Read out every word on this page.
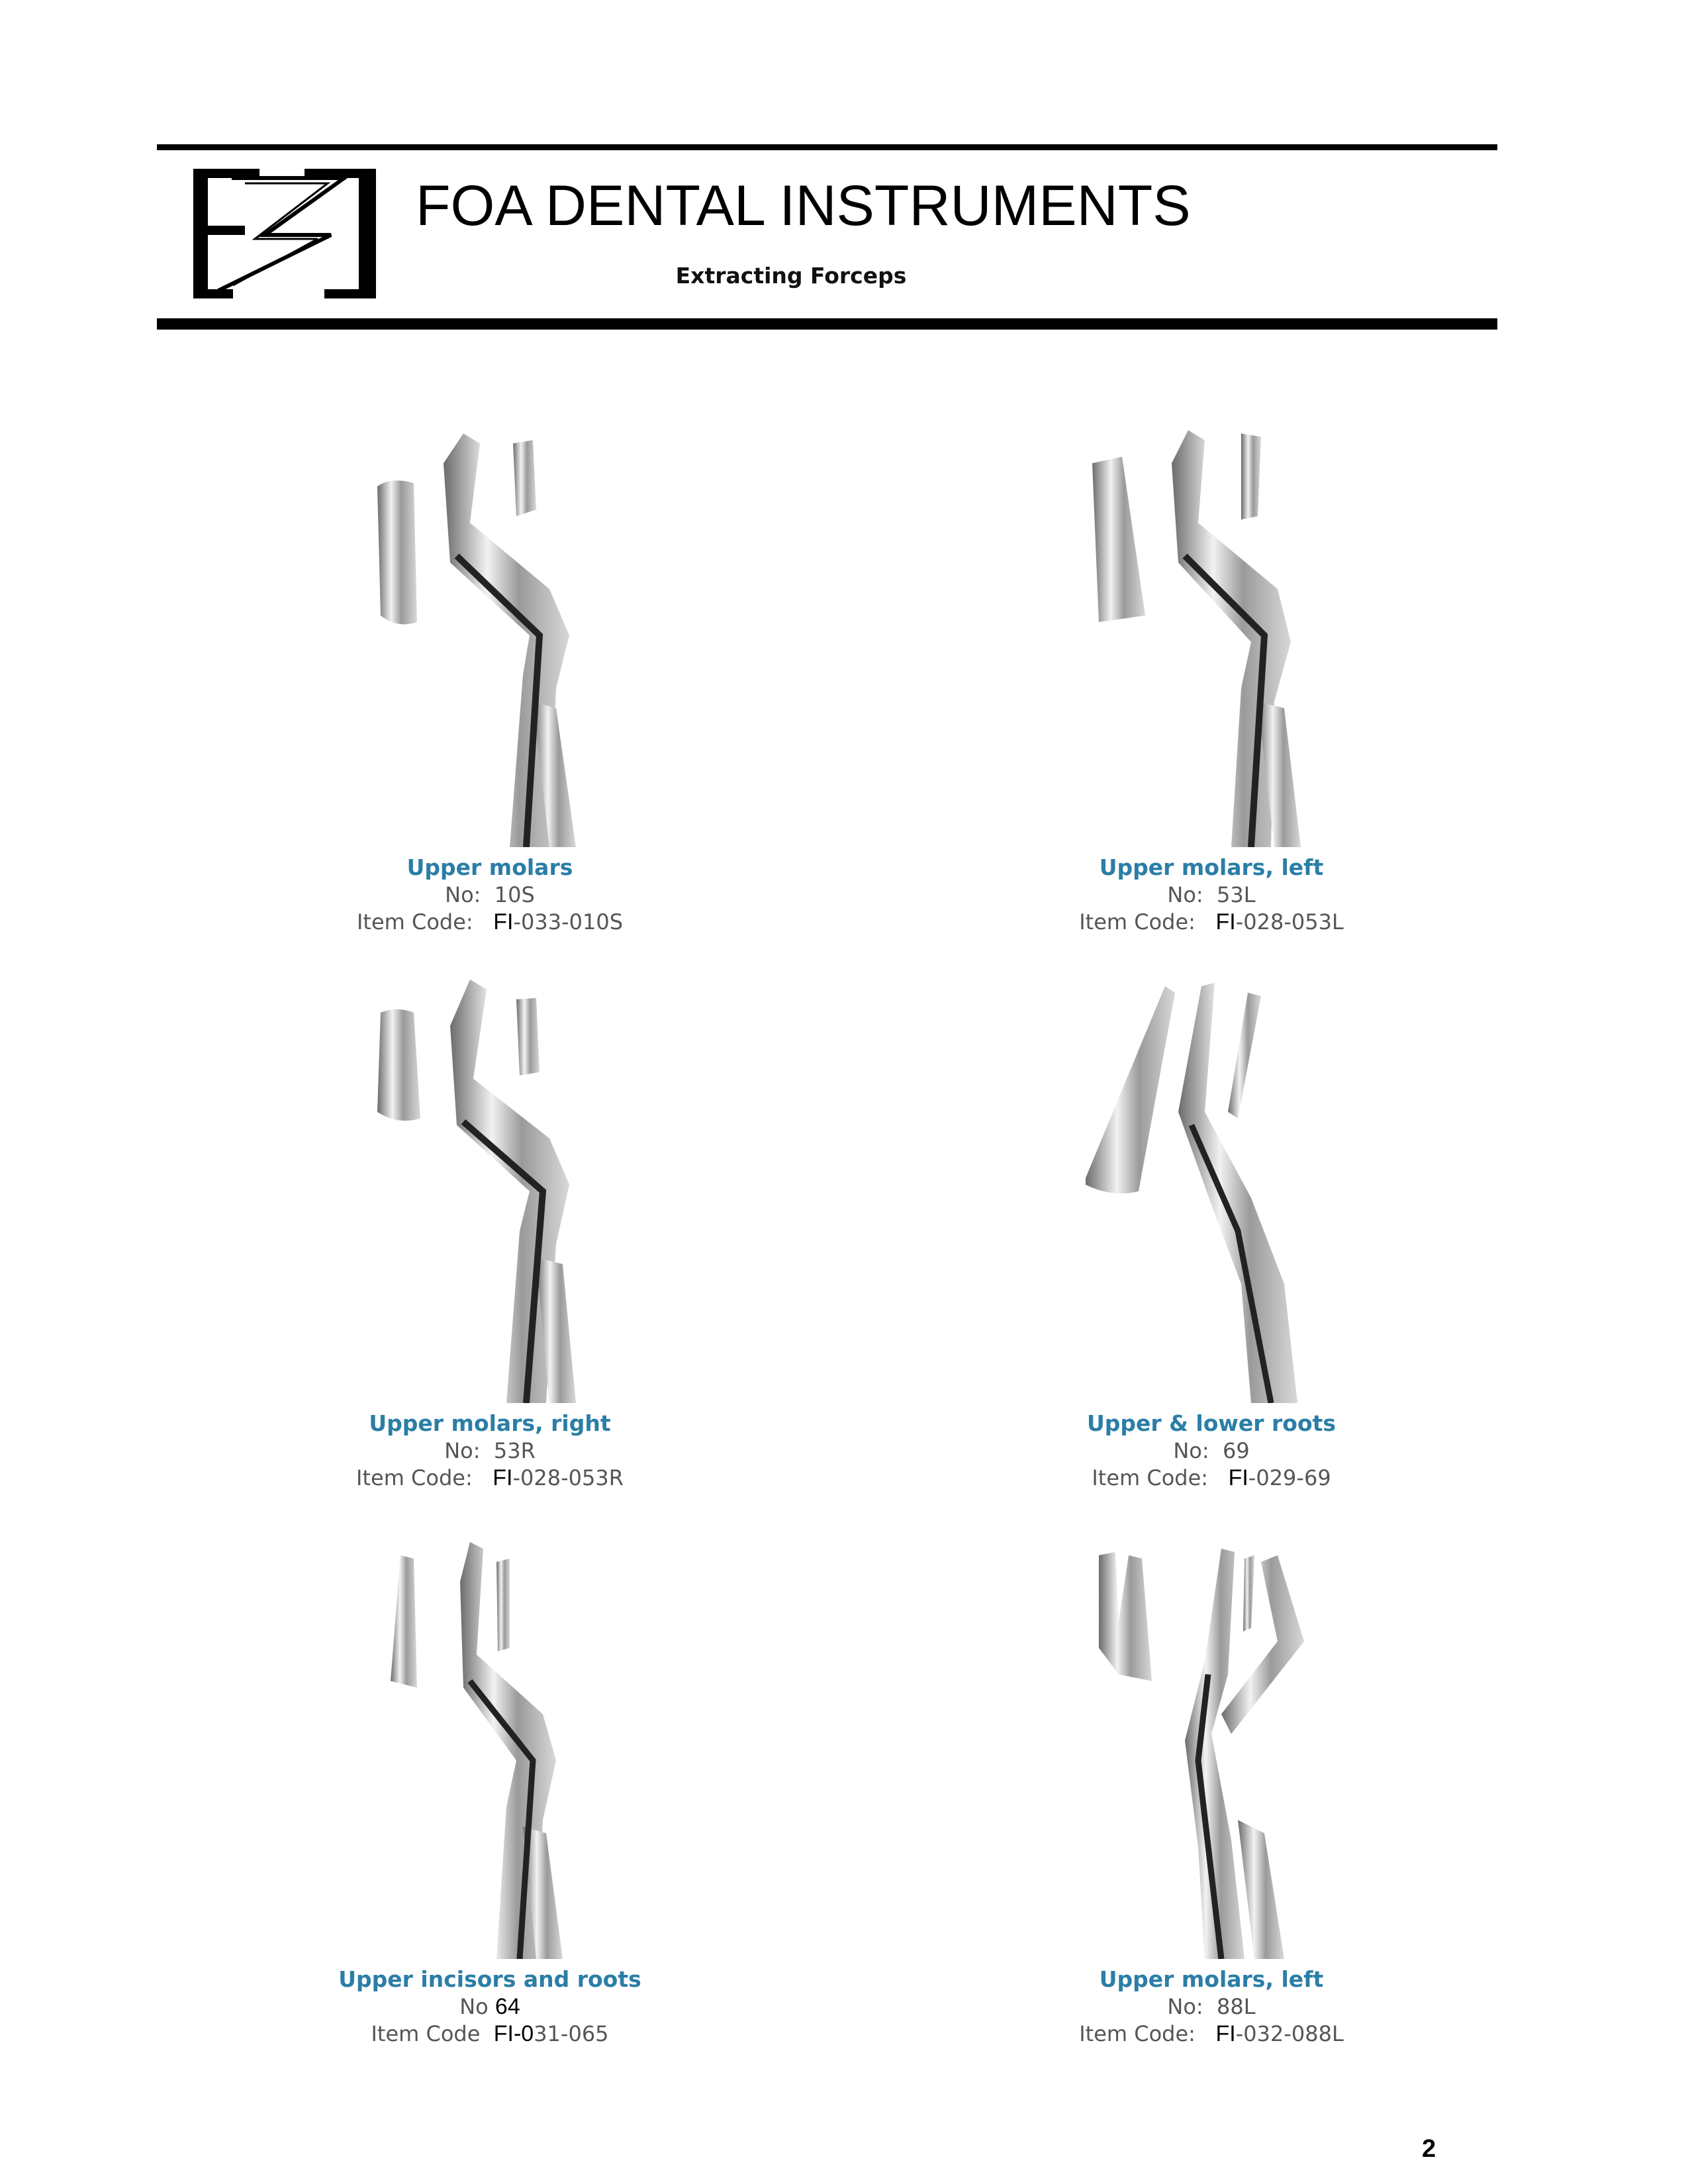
FOA DENTAL INSTRUMENTS
Extracting Forceps
Upper molars
No: 10S
Item Code: FI-033-010S
Upper molars, left
No: 53L
Item Code: FI-028-053L
Upper molars, right
No: 53R
Item Code: FI-028-053R
Upper & lower roots
No: 69
Item Code: FI-029-69
Upper incisors and roots
No 64
Item Code FI-031-065
Upper molars, left
No: 88L
Item Code: FI-032-088L
2
